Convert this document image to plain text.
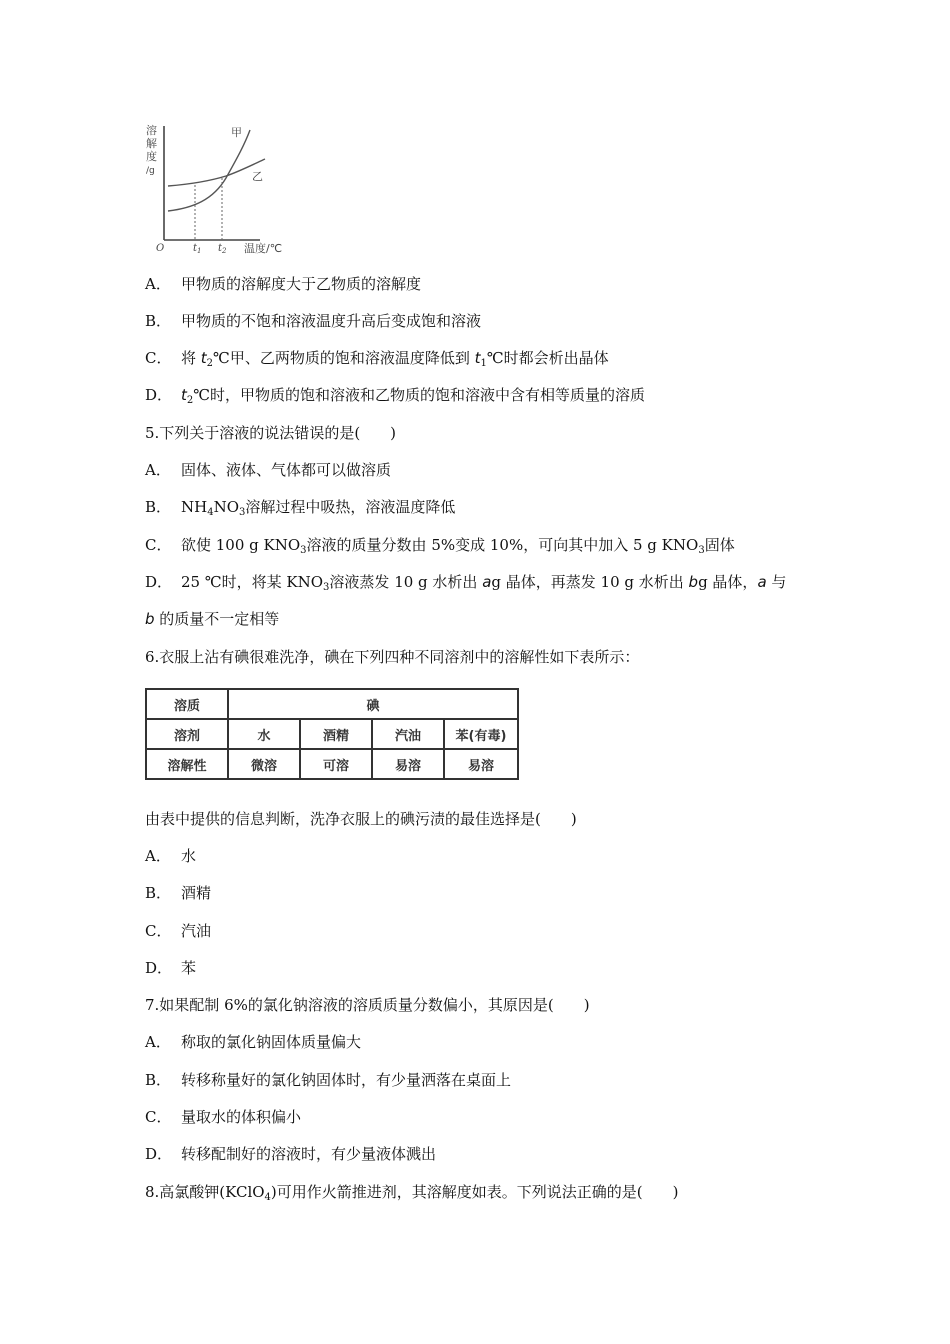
溶
解
度
/g
甲
乙
O	$t_1$ $t_2$ 温度/℃
A． 甲物质的溶解度大于乙物质的溶解度
B． 甲物质的不饱和溶液温度升高后变成饱和溶液
C． 将 $t_2℃$甲、乙两物质的饱和溶液温度降低到 $t_1℃$时都会析出晶体
D． $t_2℃$时，甲物质的饱和溶液和乙物质的饱和溶液中含有相等质量的溶质
5.下列关于溶液的说法错误的是(　　)
A． 固体、液体、气体都可以做溶质
B． $NH_4NO_3$溶解过程中吸热，溶液温度降低
C． 欲使 100 g $KNO_3$溶液的质量分数由 5%变成 10%，可向其中加入 5 g $KNO_3$固体
D． 25 ℃时，将某 $KNO_3$溶液蒸发 10 g 水析出 ag 晶体，再蒸发 10 g 水析出 bg 晶体，a 与
b 的质量不一定相等
6.衣服上沾有碘很难洗净，碘在下列四种不同溶剂中的溶解性如下表所示：
溶质	碘			
溶剂	水	酒精	汽油	苯(有毒)
溶解性	微溶	可溶	易溶	易溶
由表中提供的信息判断，洗净衣服上的碘污渍的最佳选择是(　　)
A． 水
B． 酒精
C． 汽油
D． 苯
7.如果配制 6%的氯化钠溶液的溶质质量分数偏小，其原因是(　　)
A． 称取的氯化钠固体质量偏大
B． 转移称量好的氯化钠固体时，有少量洒落在桌面上
C． 量取水的体积偏小
D． 转移配制好的溶液时，有少量液体溅出
8.高氯酸钾(KClO$_4$)可用作火箭推进剂，其溶解度如表。下列说法正确的是(　　)
